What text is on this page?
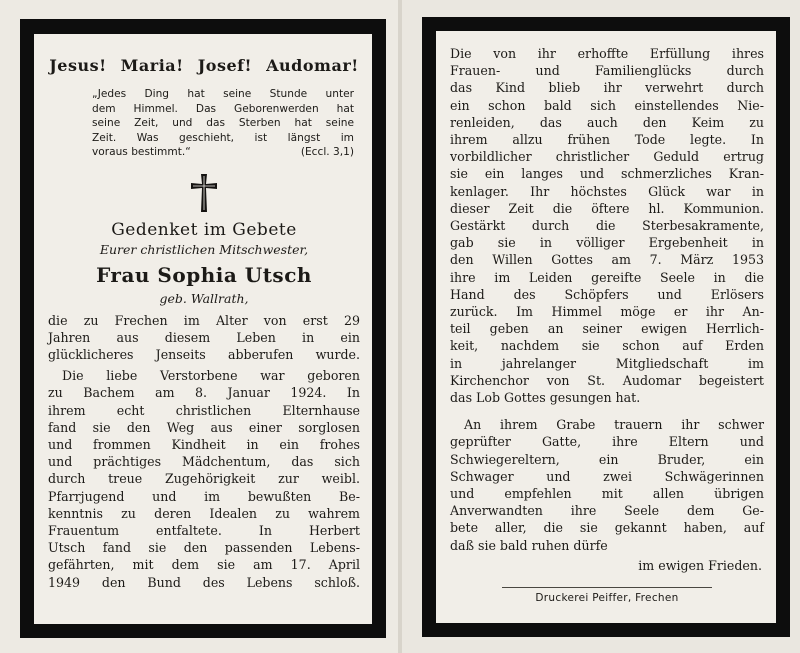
Jesus! Maria! Josef! Audomar!
„Jedes Ding hat seine Stunde unter
dem Himmel. Das Geborenwerden hat
seine Zeit, und das Sterben hat seine
Zeit. Was geschieht, ist längst im
voraus bestimmt.“	(Eccl. 3,1)
Gedenket im Gebete
Eurer christlichen Mitschwester,
Frau Sophia Utsch
geb. Wallrath,
die zu Frechen im Alter von erst 29
Jahren aus diesem Leben in ein
glücklicheres Jenseits abberufen wurde.
Die liebe Verstorbene war geboren
zu Bachem am 8. Januar 1924. In
ihrem echt christlichen Elternhause
fand sie den Weg aus einer sorglosen
und frommen Kindheit in ein frohes
und prächtiges Mädchentum, das sich
durch treue Zugehörigkeit zur weibl.
Pfarrjugend und im bewußten Be-
kenntnis zu deren Idealen zu wahrem
Frauentum entfaltete. In Herbert
Utsch fand sie den passenden Lebens-
gefährten, mit dem sie am 17. April
1949 den Bund des Lebens schloß.
Die von ihr erhoffte Erfüllung ihres
Frauen- und Familienglücks durch
das Kind blieb ihr verwehrt durch
ein schon bald sich einstellendes Nie-
renleiden, das auch den Keim zu
ihrem allzu frühen Tode legte. In
vorbildlicher christlicher Geduld ertrug
sie ein langes und schmerzliches Kran-
kenlager. Ihr höchstes Glück war in
dieser Zeit die öftere hl. Kommunion.
Gestärkt durch die Sterbesakramente,
gab sie in völliger Ergebenheit in
den Willen Gottes am 7. März 1953
ihre im Leiden gereifte Seele in die
Hand des Schöpfers und Erlösers
zurück. Im Himmel möge er ihr An-
teil geben an seiner ewigen Herrlich-
keit, nachdem sie schon auf Erden
in jahrelanger Mitgliedschaft im
Kirchenchor von St. Audomar begeistert
das Lob Gottes gesungen hat.
An ihrem Grabe trauern ihr schwer
geprüfter Gatte, ihre Eltern und
Schwiegereltern, ein Bruder, ein
Schwager und zwei Schwägerinnen
und empfehlen mit allen übrigen
Anverwandten ihre Seele dem Ge-
bete aller, die sie gekannt haben, auf
daß sie bald ruhen dürfe
im ewigen Frieden.
Druckerei Peiffer, Frechen
